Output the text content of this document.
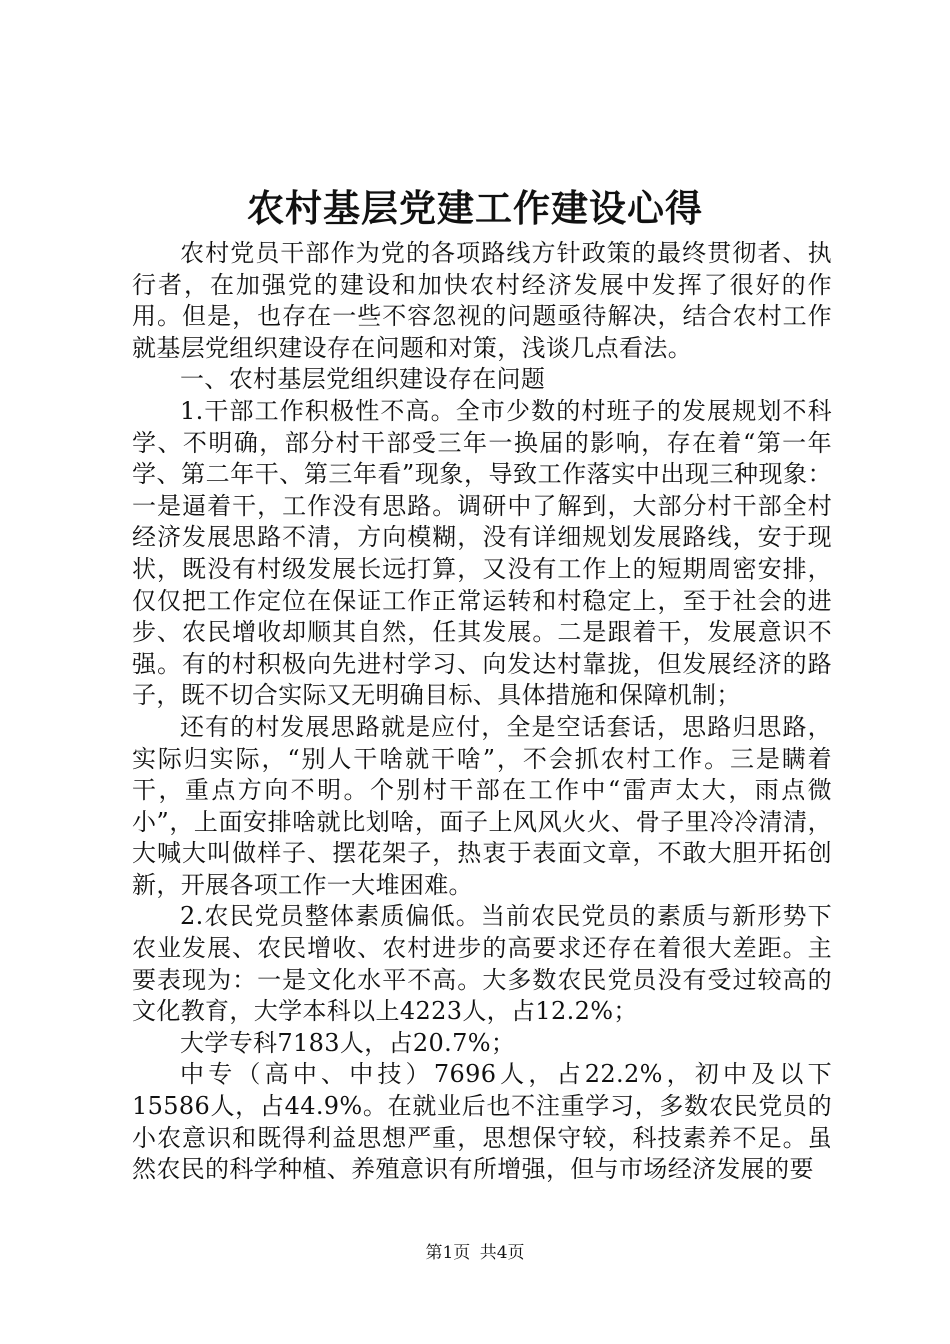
农村基层党建工作建设心得

农村党员干部作为党的各项路线方针政策的最终贯彻者、执行者，在加强党的建设和加快农村经济发展中发挥了很好的作用。但是，也存在一些不容忽视的问题亟待解决，结合农村工作就基层党组织建设存在问题和对策，浅谈几点看法。

一、农村基层党组织建设存在问题

1.干部工作积极性不高。全市少数的村班子的发展规划不科学、不明确，部分村干部受三年一换届的影响，存在着“第一年学、第二年干、第三年看”现象，导致工作落实中出现三种现象：一是逼着干，工作没有思路。调研中了解到，大部分村干部全村经济发展思路不清，方向模糊，没有详细规划发展路线，安于现状，既没有村级发展长远打算，又没有工作上的短期周密安排，仅仅把工作定位在保证工作正常运转和村稳定上，至于社会的进步、农民增收却顺其自然，任其发展。二是跟着干，发展意识不强。有的村积极向先进村学习、向发达村靠拢，但发展经济的路子，既不切合实际又无明确目标、具体措施和保障机制；

还有的村发展思路就是应付，全是空话套话，思路归思路，实际归实际，“别人干啥就干啥”，不会抓农村工作。三是瞒着干，重点方向不明。个别村干部在工作中“雷声太大，雨点微小”，上面安排啥就比划啥，面子上风风火火、骨子里冷冷清清，大喊大叫做样子、摆花架子，热衷于表面文章，不敢大胆开拓创新，开展各项工作一大堆困难。

2.农民党员整体素质偏低。当前农民党员的素质与新形势下农业发展、农民增收、农村进步的高要求还存在着很大差距。主要表现为：一是文化水平不高。大多数农民党员没有受过较高的文化教育，大学本科以上4223人，占12.2%；

大学专科7183人，占20.7%；

中专（高中、中技）7696人，占22.2%，初中及以下15586人，占44.9%。在就业后也不注重学习，多数农民党员的小农意识和既得利益思想严重，思想保守较，科技素养不足。虽然农民的科学种植、养殖意识有所增强，但与市场经济发展的要

第1页 共4页
